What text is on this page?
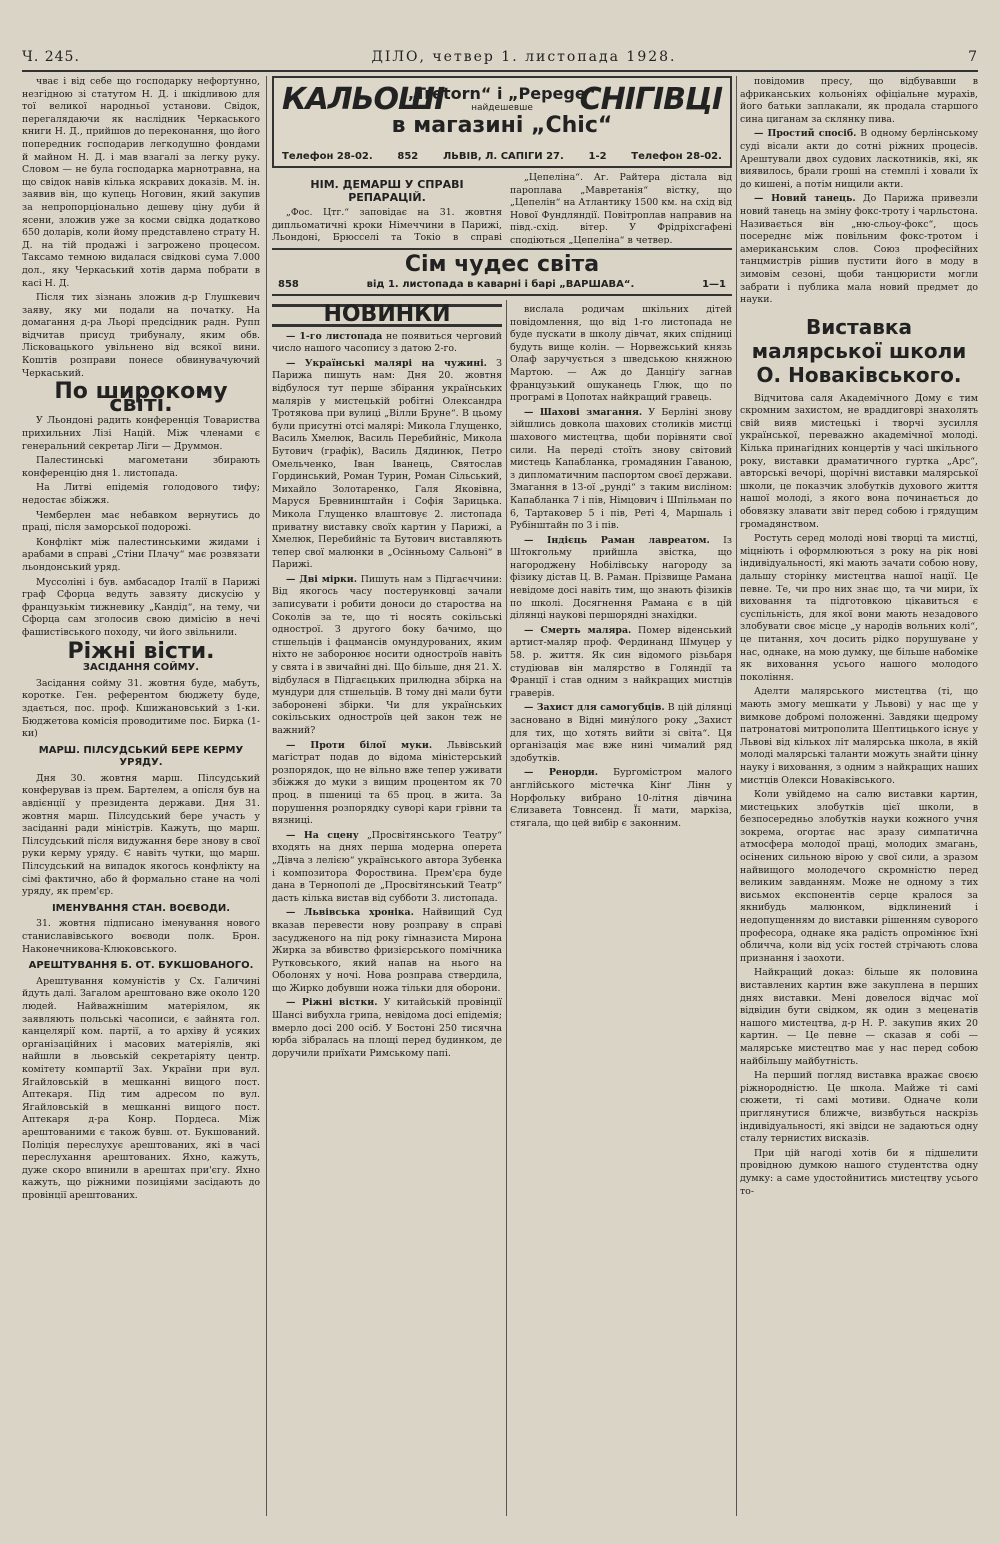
Ч. 245.	ДІЛО, четвер 1. листопада 1928.	7

чває і від себе що господарку нефортунно, незгідною зі статутом Н. Д. і шкідливою для тої великої народньої установи. Свідок, перегалядаючи як наслідник Черкаського книги Н. Д., прийшов до переконання, що його попередник господарив легкодушно фондами й майном Н. Д. і мав взагалі за легку руку. Словом — не була господарка марнотравна, на що свідок навів кілька яскравих доказів. М. ін. заявив він, що купець Ноговин, який закупив за непропорціонально дешеву ціну дуби й ясени, зложив уже за косми свідка додатково 650 доларів, коли йому представлено страту Н. Д. на тій продажі і загрожено процесом. Таксамо темною видалася свідкові сума 7.000 дол., яку Черкаський хотів дарма побрати в касі Н. Д.

Після тих зізнань зложив д-р Глушкевич заяву, яку ми подали на початку. На домагання д-ра Льорі предсідник радн. Рупп відчитав присуд трибуналу, яким обв. Лісковацького увільнено від всякої вини. Коштів розправи понесе обвинувачуючий Черкаський.

По широкому світі.

У Льондоні радить конференція Товариства прихильних Лізі Націй. Між членами є генеральний секретар Ліги — Друммон.

Палестинські магометани збирають конференцію дня 1. листопада.

На Литві епідемія голодового тифу; недостає збіжжя.

Чемберлен має небавком вернутись до праці, після заморської подорожі.

Конфлікт між палестинськими жидами і арабами в справі „Стіни Плачу“ має розвязати льондонський уряд.

Муссоліні і був. амбасадор Італії в Парижі граф Сфорца ведуть завзяту дискусію у французькім тижневику „Кандід“, на тему, чи Сфорца сам зголосив свою димісію в нечі фашистівського походу, чи його звільнили.

Ріжні вісти.
ЗАСІДАННЯ СОЙМУ.

Засідання сойму 31. жовтня буде, мабуть, коротке. Ген. референтом бюджету буде, здається, пос. проф. Кшижановський з 1-ки. Бюджетова комісія проводитиме пос. Бирка (1-ки)

МАРШ. ПІЛСУДСЬКИЙ БЕРЕ КЕРМУ УРЯДУ.

Дня 30. жовтня марш. Пілсудський конферував із прем. Бартелем, а опісля був на авдієнції у президента держави. Дня 31. жовтня марш. Пілсудський бере участь у засіданні ради міністрів. Кажуть, що марш. Пілсудський після видужання бере знову в свої руки керму уряду. Є навіть чутки, що марш. Пілсудський на випадок якогось конфлікту на сімі фактично, або й формально стане на чолі уряду, як прем'єр.

ІМЕНУВАННЯ СТАН. ВОЄВОДИ.

31. жовтня підписано іменування нового станиславівського воєводи полк. Брон. Наконечникова-Клюковського.

АРЕШТУВАННЯ Б. ОТ. БУКШОВАНОГО.

Арештування комуністів у Сх. Галичині йдуть далі. Загалом арештовано вже около 120 людей. Найважнішим матеріялом, як заявляють польські часописи, є зайнята гол. канцелярії ком. партії, а то архіву й усяких організаційних і масових матеріялів, які найшли в льовській секретаріяту центр. комітету компартії Зах. України при вул. Ягайловській в мешканні вищого пост. Аптекаря. Під тим адресом по вул. Ягайловській в мешканні вищого пост. Аптекаря д-ра Конр. Пордеса. Між арештованими є також бувш. от. Букшований. Поліція переслухує арештованих, які в часі переслухання арештованих. Яхно, кажуть, дуже скоро впинили в арештах при'єгу. Яхно кажуть, що ріжними позиціями засідають до провінції арештованих.

КАЛЬОШІ	СНІГІВЦІ
„Tretorn“ і „Pepege“
найдешевше
в магазині „Chic“
Телефон 28-02. 852 ЛЬВІВ, Л. САПІГИ 27. 1-2 Телефон 28-02.
НІМ. ДЕМАРШ У СПРАВІ РЕПАРАЦІЙ.

„Фос. Цтг.“ заповідає на 31. жовтня дипльоматичні кроки Німеччини в Парижі, Льондоні, Брюсселі та Токіо в справі

„Цепеліна“. Аг. Райтера дістала від пароплава „Мавретанія“ вістку, що „Цепелін“ на Атлантику 1500 км. на схід від Нової Фундляндії. Повітроплав направив на півд.-схід. вітер. У Фрідріхсгафені сподіються „Цепеліна“ в четвер.

Сім чудес світа
858	від 1. листопада в каварні і барі „ВАРШАВА“.	1—1
НОВИНКИ

— 1-го листопада не появиться черговий число нашого часопису з датою 2-го.

— Українські малярі на чужині. З Парижа пишуть нам: Дня 20. жовтня відбулося тут перше збірання українських малярів у мистецькій робітні Олександра Тротякова при вулиці „Вілли Бруне“. В цьому були присутні отсі малярі: Микола Глущенко, Василь Хмелюк, Василь Перебийніс, Микола Бутович (графік), Василь Дядинюк, Петро Омельченко, Іван Іванець, Святослав Гординський, Роман Турин, Роман Сільський, Михайло Золотаренко, Галя Яковівна, Маруся Бревнинштайн і Софія Зарицька. Микола Глущенко влаштовує 2. листопада приватну виставку своїх картин у Парижі, а Хмелюк, Перебийніс та Бутович виставляють тепер свої малюнки в „Осінньому Сальоні“ в Парижі.

— Дві мірки. Пишуть нам з Підгаєччини: Від якогось часу постерунковці зачали записувати і робити доноси до староства на Соколів за те, що ті носять сокільські однострої. З другого боку бачимо, що стшельців і фацмансів омундурованих, яким ніхто не заборонює носити одностроїв навіть у свята і в звичайні дні. Що більше, дня 21. Х. відбулася в Підгаєцьких прилюдна збірка на мундури для стшельців. В тому дні мали бути заборонені збірки. Чи для українських сокільських одностроїв цей закон теж не важний?

— Проти білої муки. Львівський магістрат подав до відома міністерський розпорядок, що не вільно вже тепер уживати збіжжя до муки з вищим процентом як 70 проц. в пшениці та 65 проц. в жита. За порушення розпорядку суворі кари грівни та вязниці.

— На сцену „Просвітянського Театру“ входять на днях перша модерна оперета „Дівча з лелією“ українського автора Зубенка і композитора Фороствина. Прем'єра буде дана в Тернополі де „Просвітянський Театр“ дасть кілька вистав від субботи 3. листопада.

— Львівська хроніка. Найвищий Суд вказав перевести нову розправу в справі засудженого на під року гімназиста Мирона Жирка за вбивство фризієрського помічника Рутковського, який напав на нього на Оболонях у ночі. Нова розправа ствердила, що Жирко добувши ножа тільки для оборони.

— Ріжні вістки. У китайській провінції Шансі вибухла грипа, невідома досі епідемія; вмерло досі 200 осіб. У Бостоні 250 тисячна юрба зібралась на площі перед будинком, де доручили приїхати Римському папі.

вислала родичам шкільних дітей повідомлення, що від 1-го листопада не буде пускати в школу дівчат, яких спідниці будуть вище колін. — Норвежський князь Олаф заручується з шведською княжною Мартою. — Аж до Данціґу загнав французький ошуканець Глюк, що по програмі в Цопотах найкращий гравець.

— Шахові змагання. У Берліні знову зійшлись довкола шахових столиків мистці шахового мистецтва, щоби порівняти свої сили. На переді стоїть знову світовий мистець Капабланка, громадянин Гаваною, з дипломатичним паспортом своєї держави. Змагання в 13-ої „рунді“ з таким висліном: Капабланка 7 і пів, Німцович і Шпільман по 6, Тартаковер 5 і пів, Реті 4, Маршаль і Рубінштайн по 3 і пів.

— Індієць Раман лавреатом. Із Штокгольму прийшла звістка, що нагороджену Нобілівську нагороду за фізику дістав Ц. В. Раман. Прізвище Рамана невідоме досі навіть тим, що знають фізиків по школі. Досягнення Рамана є в цій ділянці наукові першорядні знахідки.

— Смерть маляра. Помер віденський артист-маляр проф. Фердинанд Шмуцер у 58. р. життя. Як син відомого різьбаря студіював він малярство в Голяндії та Франції і став одним з найкращих мистців граверів.

— Захист для самогубців. В цій ділянці засновано в Відні мину́лого року „Захист для тих, що хотять вийти зі світа“. Ця організація має вже нині чималий ряд здобутків.

— Ренорди. Бургомістром малого англійського містечка Кінґ Лінн у Норфольку вибрано 10-літня дівчина Єлизавета Товнсенд. Її мати, маркіза, стягала, що цей вибір є законним.

повідомив пресу, що відбувавши в африканських кольоніях офіціальне мурахів, його батьки заплакали, як продала старшого сина циганам за склянку пива.

— Простий спосіб. В одному берлінському суді вісали акти до сотні ріжних процесів. Арештували двох судових ласкотників, які, як виявилось, брали гроші на стемплі і ховали їх до кишені, а потім нищили акти.

— Новий танець. До Парижа привезли новий танець на зміну фокс-троту і чарльстона. Називається він „ню-сльоу-фокс“, щось посереднє між повільним фокс-тротом і американським слов. Союз професійних танцмистрів рішив пустити його в моду в зимовім сезоні, щоби танцюристи могли забрати і публика мала новий предмет до науки.

Виставка малярської школи О. Новаківського.

Відчитова саля Академічного Дому є тим скромним захистом, не враддиговрі знахолять свій вияв мистецькі і творчі зусилля української, переважно академічної молоді. Кілька принагідних концертів у часі шкільного року, виставки драматичного гуртка „Арс“, авторські вечорі, щорічні виставки малярської школи, це показчик злобутків духового життя нашої молоді, з якого вона починається до обовязку злавати звіт перед собою і грядущим громадянством.

Ростуть серед молоді нові творці та мистці, міцніють і оформлюються з року на рік нові індивідуальності, які мають зачати собою нову, дальшу сторінку мистецтва нашої нації. Це певне. Те, чи про них знає що, та чи мири, їх виховання та підготовкою цікавиться є суспільність, для якої вони мають незадового злобувати своє місце „у народів вольних колі“, це питання, хоч досить рідко порушуване у нас, однаке, на мою думку, ще більше набоміке як виховання усього нашого молодого покоління.

Аделти малярського мистецтва (ті, що мають змогу мешкати у Львові) у нас ще у вимкове добромі положенні. Завдяки щедрому патронатові митрополита Шептицького існує у Львові від кількох літ малярська школа, в якій молоді малярські таланти можуть знайти цінну науку і виховання, з одним з найкращих наших мистців Олекси Новаківського.

Коли увійдемо на салю виставки картин, мистецьких злобутків цієї школи, в безпосередньо злобутків науки кожного учня зокрема, огортає нас зразу симпатична атмосфера молодої праці, молодих змагань, осінених сильною вірою у свої сили, а зразом найвищого молодечого скромністю перед великим завданням. Може не одному з тих висьмох експонентів серце кралося за якнибудь малюнком, відклинений і недопущенням до виставки рішенням суворого професора, однаке яка радість опромінює їхні обличча, коли від усіх гостей стрічають слова признання і заохоти.

Найкращий доказ: більше як половина виставлених картин вже закуплена в перших днях виставки. Мені довелося відчас мої відвідин бути свідком, як один з меценатів нашого мистецтва, д-р Н. Р. закупив яких 20 картин. — Це певне — сказав я собі — малярське мистецтво має у нас перед собою найбільшу майбутність.

На перший погляд виставка вражає своєю ріжнородністю. Це школа. Майже ті самі сюжети, ті самі мотиви. Одначе коли приглянутися ближче, визвбуться наскрізь індивідуальності, які звідси не задаються одну сталу тернистих висказів.

При цій нагоді хотів би я підшелити провідною думкою нашого студентства одну думку: а саме удостойнитись мистецтву усього то-
